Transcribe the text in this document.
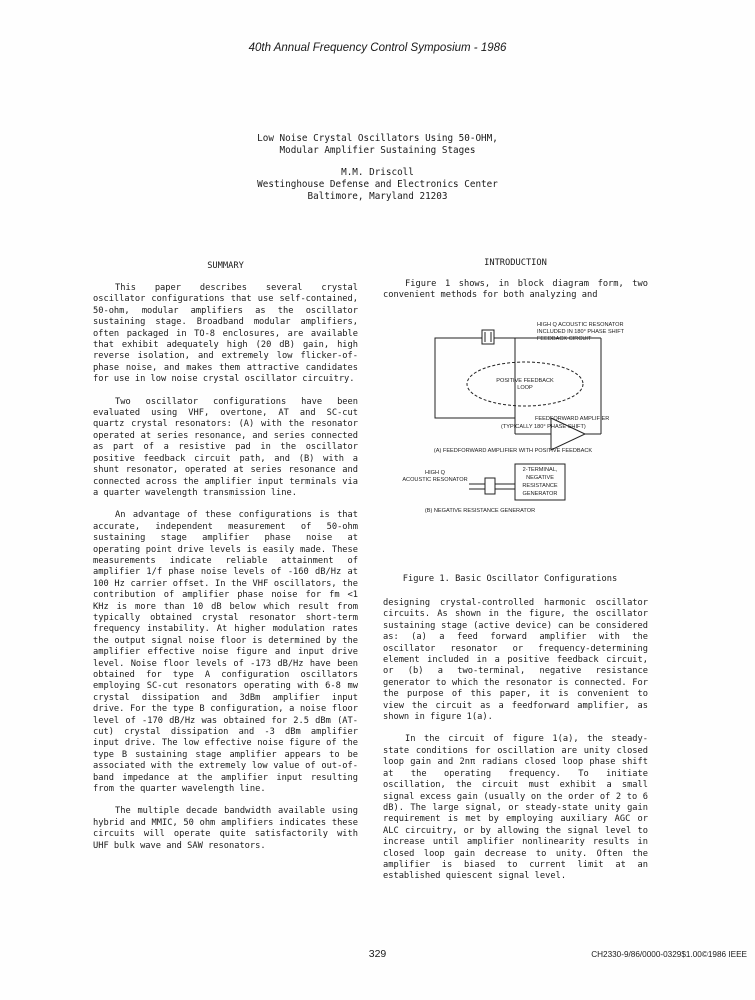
40th Annual Frequency Control Symposium - 1986
Low Noise Crystal Oscillators Using 50-OHM,
Modular Amplifier Sustaining Stages
M.M. Driscoll
Westinghouse Defense and Electronics Center
Baltimore, Maryland 21203
SUMMARY

This paper describes several crystal oscillator configurations that use self-contained, 50-ohm, modular amplifiers as the oscillator sustaining stage. Broadband modular amplifiers, often packaged in TO-8 enclosures, are available that exhibit adequately high (20 dB) gain, high reverse isolation, and extremely low flicker-of-phase noise, and makes them attractive candidates for use in low noise crystal oscillator circuitry.

Two oscillator configurations have been evaluated using VHF, overtone, AT and SC-cut quartz crystal resonators: (A) with the resonator operated at series resonance, and series connected as part of a resistive pad in the oscillator positive feedback circuit path, and (B) with a shunt resonator, operated at series resonance and connected across the amplifier input terminals via a quarter wavelength transmission line.

An advantage of these configurations is that accurate, independent measurement of 50-ohm sustaining stage amplifier phase noise at operating point drive levels is easily made. These measurements indicate reliable attainment of amplifier 1/f phase noise levels of -160 dB/Hz at 100 Hz carrier offset. In the VHF oscillators, the contribution of amplifier phase noise for fm <1 KHz is more than 10 dB below which result from typically obtained crystal resonator short-term frequency instability. At higher modulation rates the output signal noise floor is determined by the amplifier effective noise figure and input drive level. Noise floor levels of -173 dB/Hz have been obtained for type A configuration oscillators employing SC-cut resonators operating with 6-8 mw crystal dissipation and 3dBm amplifier input drive. For the type B configuration, a noise floor level of -170 dB/Hz was obtained for 2.5 dBm (AT-cut) crystal dissipation and -3 dBm amplifier input drive. The low effective noise figure of the type B sustaining stage amplifier appears to be associated with the extremely low value of out-of-band impedance at the amplifier input resulting from the quarter wavelength line.

The multiple decade bandwidth available using hybrid and MMIC, 50 ohm amplifiers indicates these circuits will operate quite satisfactorily with UHF bulk wave and SAW resonators.

INTRODUCTION

Figure 1 shows, in block diagram form, two convenient methods for both analyzing and

HIGH Q ACOUSTIC RESONATOR
INCLUDED IN 180° PHASE SHIFT
FEEDBACK CIRCUIT
POSITIVE FEEDBACK
LOOP
FEEDFORWARD AMPLIFIER
(TYPICALLY 180° PHASE SHIFT)
(A) FEEDFORWARD AMPLIFIER WITH POSITIVE FEEDBACK
HIGH Q
ACOUSTIC RESONATOR
2-TERMINAL,
NEGATIVE
RESISTANCE
GENERATOR
(B) NEGATIVE RESISTANCE GENERATOR
Figure 1. Basic Oscillator Configurations

designing crystal-controlled harmonic oscillator circuits. As shown in the figure, the oscillator sustaining stage (active device) can be considered as: (a) a feed forward amplifier with the oscillator resonator or frequency-determining element included in a positive feedback circuit, or (b) a two-terminal, negative resistance generator to which the resonator is connected. For the purpose of this paper, it is convenient to view the circuit as a feedforward amplifier, as shown in figure 1(a).

In the circuit of figure 1(a), the steady-state conditions for oscillation are unity closed loop gain and 2nπ radians closed loop phase shift at the operating frequency. To initiate oscillation, the circuit must exhibit a small signal excess gain (usually on the order of 2 to 6 dB). The large signal, or steady-state unity gain requirement is met by employing auxiliary AGC or ALC circuitry, or by allowing the signal level to increase until amplifier nonlinearity results in closed loop gain decrease to unity. Often the amplifier is biased to current limit at an established quiescent signal level.

329	CH2330-9/86/0000-0329$1.00©1986 IEEE
